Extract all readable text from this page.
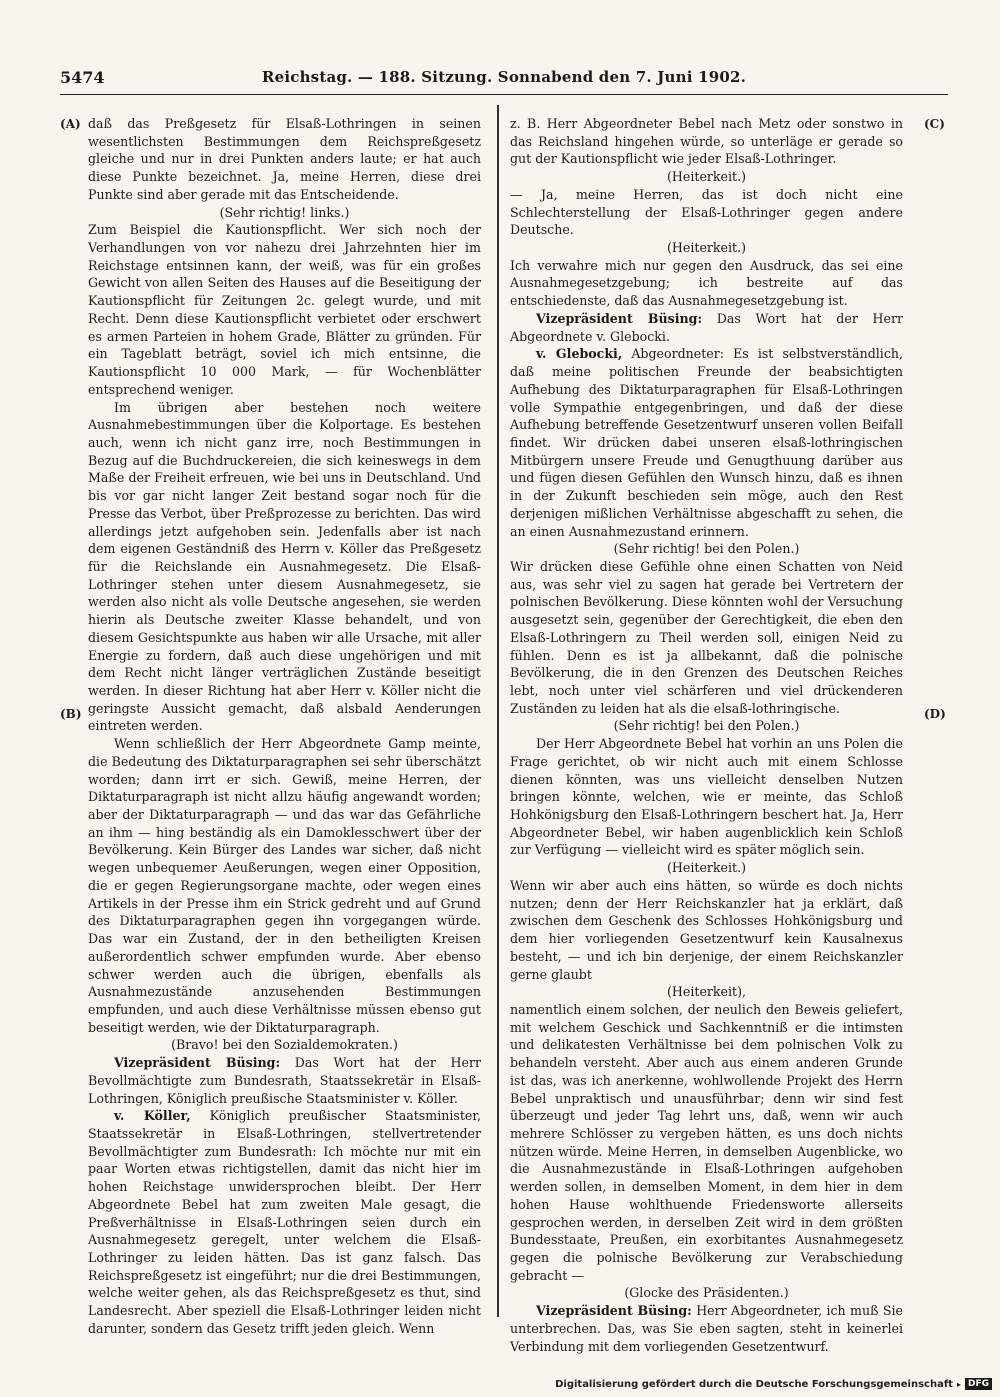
5474	Reichstag. — 188. Sitzung. Sonnabend den 7. Juni 1902.
(A)
(B)
(C)
(D)

daß das Preßgesetz für Elsaß-Lothringen in seinen wesentlichsten Bestimmungen dem Reichspreßgesetz gleiche und nur in drei Punkten anders laute; er hat auch diese Punkte bezeichnet. Ja, meine Herren, diese drei Punkte sind aber gerade mit das Entscheidende.

(Sehr richtig! links.)

Zum Beispiel die Kautionspflicht. Wer sich noch der Verhandlungen von vor nahezu drei Jahrzehnten hier im Reichstage entsinnen kann, der weiß, was für ein großes Gewicht von allen Seiten des Hauses auf die Beseitigung der Kautionspflicht für Zeitungen 2c. gelegt wurde, und mit Recht. Denn diese Kautionspflicht verbietet oder erschwert es armen Parteien in hohem Grade, Blätter zu gründen. Für ein Tageblatt beträgt, soviel ich mich entsinne, die Kautionspflicht 10 000 Mark, — für Wochenblätter entsprechend weniger.

Im übrigen aber bestehen noch weitere Ausnahmebestimmungen über die Kolportage. Es bestehen auch, wenn ich nicht ganz irre, noch Bestimmungen in Bezug auf die Buchdruckereien, die sich keineswegs in dem Maße der Freiheit erfreuen, wie bei uns in Deutschland. Und bis vor gar nicht langer Zeit bestand sogar noch für die Presse das Verbot, über Preßprozesse zu berichten. Das wird allerdings jetzt aufgehoben sein. Jedenfalls aber ist nach dem eigenen Geständniß des Herrn v. Köller das Preßgesetz für die Reichslande ein Ausnahmegesetz. Die Elsaß-Lothringer stehen unter diesem Ausnahmegesetz, sie werden also nicht als volle Deutsche angesehen, sie werden hierin als Deutsche zweiter Klasse behandelt, und von diesem Gesichtspunkte aus haben wir alle Ursache, mit aller Energie zu fordern, daß auch diese ungehörigen und mit dem Recht nicht länger verträglichen Zustände beseitigt werden. In dieser Richtung hat aber Herr v. Köller nicht die geringste Aussicht gemacht, daß alsbald Aenderungen eintreten werden.

Wenn schließlich der Herr Abgeordnete Gamp meinte, die Bedeutung des Diktaturparagraphen sei sehr überschätzt worden; dann irrt er sich. Gewiß, meine Herren, der Diktaturparagraph ist nicht allzu häufig angewandt worden; aber der Diktaturparagraph — und das war das Gefährliche an ihm — hing beständig als ein Damoklesschwert über der Bevölkerung. Kein Bürger des Landes war sicher, daß nicht wegen unbequemer Aeußerungen, wegen einer Opposition, die er gegen Regierungsorgane machte, oder wegen eines Artikels in der Presse ihm ein Strick gedreht und auf Grund des Diktaturparagraphen gegen ihn vorgegangen würde. Das war ein Zustand, der in den betheiligten Kreisen außerordentlich schwer empfunden wurde. Aber ebenso schwer werden auch die übrigen, ebenfalls als Ausnahmezustände anzusehenden Bestimmungen empfunden, und auch diese Verhältnisse müssen ebenso gut beseitigt werden, wie der Diktaturparagraph.

(Bravo! bei den Sozialdemokraten.)

Vizepräsident Büsing: Das Wort hat der Herr Bevollmächtigte zum Bundesrath, Staatssekretär in Elsaß-Lothringen, Königlich preußische Staatsminister v. Köller.

v. Köller, Königlich preußischer Staatsminister, Staatssekretär in Elsaß-Lothringen, stellvertretender Bevollmächtigter zum Bundesrath: Ich möchte nur mit ein paar Worten etwas richtigstellen, damit das nicht hier im hohen Reichstage unwidersprochen bleibt. Der Herr Abgeordnete Bebel hat zum zweiten Male gesagt, die Preßverhältnisse in Elsaß-Lothringen seien durch ein Ausnahmegesetz geregelt, unter welchem die Elsaß-Lothringer zu leiden hätten. Das ist ganz falsch. Das Reichspreßgesetz ist eingeführt; nur die drei Bestimmungen, welche weiter gehen, als das Reichspreßgesetz es thut, sind Landesrecht. Aber speziell die Elsaß-Lothringer leiden nicht darunter, sondern das Gesetz trifft jeden gleich. Wenn

z. B. Herr Abgeordneter Bebel nach Metz oder sonstwo in das Reichsland hingehen würde, so unterläge er gerade so gut der Kautionspflicht wie jeder Elsaß-Lothringer.

(Heiterkeit.)

— Ja, meine Herren, das ist doch nicht eine Schlechterstellung der Elsaß-Lothringer gegen andere Deutsche.

(Heiterkeit.)

Ich verwahre mich nur gegen den Ausdruck, das sei eine Ausnahmegesetzgebung; ich bestreite auf das entschiedenste, daß das Ausnahmegesetzgebung ist.

Vizepräsident Büsing: Das Wort hat der Herr Abgeordnete v. Glebocki.

v. Glebocki, Abgeordneter: Es ist selbstverständlich, daß meine politischen Freunde der beabsichtigten Aufhebung des Diktaturparagraphen für Elsaß-Lothringen volle Sympathie entgegenbringen, und daß der diese Aufhebung betreffende Gesetzentwurf unseren vollen Beifall findet. Wir drücken dabei unseren elsaß-lothringischen Mitbürgern unsere Freude und Genugthuung darüber aus und fügen diesen Gefühlen den Wunsch hinzu, daß es ihnen in der Zukunft beschieden sein möge, auch den Rest derjenigen mißlichen Verhältnisse abgeschafft zu sehen, die an einen Ausnahmezustand erinnern.

(Sehr richtig! bei den Polen.)

Wir drücken diese Gefühle ohne einen Schatten von Neid aus, was sehr viel zu sagen hat gerade bei Vertretern der polnischen Bevölkerung. Diese könnten wohl der Versuchung ausgesetzt sein, gegenüber der Gerechtigkeit, die eben den Elsaß-Lothringern zu Theil werden soll, einigen Neid zu fühlen. Denn es ist ja allbekannt, daß die polnische Bevölkerung, die in den Grenzen des Deutschen Reiches lebt, noch unter viel schärferen und viel drückenderen Zuständen zu leiden hat als die elsaß-lothringische.

(Sehr richtig! bei den Polen.)

Der Herr Abgeordnete Bebel hat vorhin an uns Polen die Frage gerichtet, ob wir nicht auch mit einem Schlosse dienen könnten, was uns vielleicht denselben Nutzen bringen könnte, welchen, wie er meinte, das Schloß Hohkönigsburg den Elsaß-Lothringern beschert hat. Ja, Herr Abgeordneter Bebel, wir haben augenblicklich kein Schloß zur Verfügung — vielleicht wird es später möglich sein.

(Heiterkeit.)

Wenn wir aber auch eins hätten, so würde es doch nichts nutzen; denn der Herr Reichskanzler hat ja erklärt, daß zwischen dem Geschenk des Schlosses Hohkönigsburg und dem hier vorliegenden Gesetzentwurf kein Kausalnexus besteht, — und ich bin derjenige, der einem Reichskanzler gerne glaubt

(Heiterkeit),

namentlich einem solchen, der neulich den Beweis geliefert, mit welchem Geschick und Sachkenntniß er die intimsten und delikatesten Verhältnisse bei dem polnischen Volk zu behandeln versteht. Aber auch aus einem anderen Grunde ist das, was ich anerkenne, wohlwollende Projekt des Herrn Bebel unpraktisch und unausführbar; denn wir sind fest überzeugt und jeder Tag lehrt uns, daß, wenn wir auch mehrere Schlösser zu vergeben hätten, es uns doch nichts nützen würde. Meine Herren, in demselben Augenblicke, wo die Ausnahmezustände in Elsaß-Lothringen aufgehoben werden sollen, in demselben Moment, in dem hier in dem hohen Hause wohlthuende Friedensworte allerseits gesprochen werden, in derselben Zeit wird in dem größten Bundesstaate, Preußen, ein exorbitantes Ausnahmegesetz gegen die polnische Bevölkerung zur Verabschiedung gebracht —

(Glocke des Präsidenten.)

Vizepräsident Büsing: Herr Abgeordneter, ich muß Sie unterbrechen. Das, was Sie eben sagten, steht in keinerlei Verbindung mit dem vorliegenden Gesetzentwurf.

Digitalisierung gefördert durch die Deutsche Forschungsgemeinschaft ▸ DFG
